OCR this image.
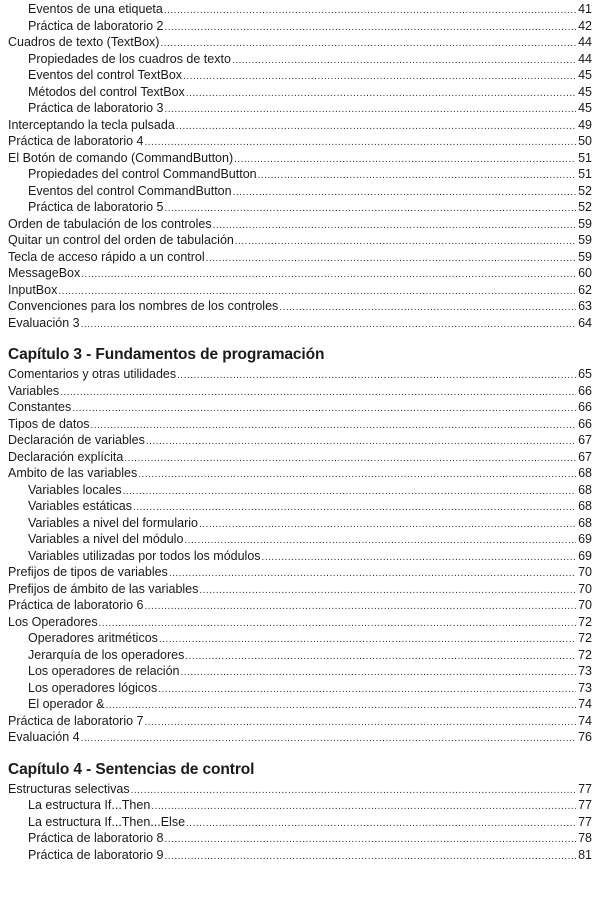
Eventos de una etiqueta .....	41
Práctica de laboratorio 2 .....	42
Cuadros de texto (TextBox) .....	44
Propiedades de los cuadros de texto .....	44
Eventos del control TextBox .....	45
Métodos del control TextBox .....	45
Práctica de laboratorio 3 .....	45
Interceptando la tecla pulsada .....	49
Práctica de laboratorio 4 .....	50
El Botón de comando (CommandButton) .....	51
Propiedades del control CommandButton .....	51
Eventos del control CommandButton .....	52
Práctica de laboratorio 5 .....	52
Orden de tabulación de los controles .....	59
Quitar un control del orden de tabulación .....	59
Tecla de acceso rápido a un control .....	59
MessageBox .....	60
InputBox .....	62
Convenciones para los nombres de los controles .....	63
Evaluación 3 .....	64
Capítulo 3 - Fundamentos de programación
Comentarios y otras utilidades .....	65
Variables .....	66
Constantes .....	66
Tipos de datos .....	66
Declaración de variables .....	67
Declaración explícita .....	67
Ambito de las variables .....	68
Variables locales .....	68
Variables estáticas .....	68
Variables a nivel del formulario .....	68
Variables a nivel del módulo .....	69
Variables utilizadas por todos los módulos .....	69
Prefijos de tipos de variables .....	70
Prefijos de ámbito de las variables .....	70
Práctica de laboratorio 6 .....	70
Los Operadores .....	72
Operadores aritméticos .....	72
Jerarquía de los operadores .....	72
Los operadores de relación .....	73
Los operadores lógicos .....	73
El operador & .....	74
Práctica de laboratorio 7 .....	74
Evaluación 4 .....	76
Capítulo 4 - Sentencias de control
Estructuras selectivas .....	77
La estructura If...Then .....	77
La estructura If...Then...Else .....	77
Práctica de laboratorio 8 .....	78
Práctica de laboratorio 9 .....	81
